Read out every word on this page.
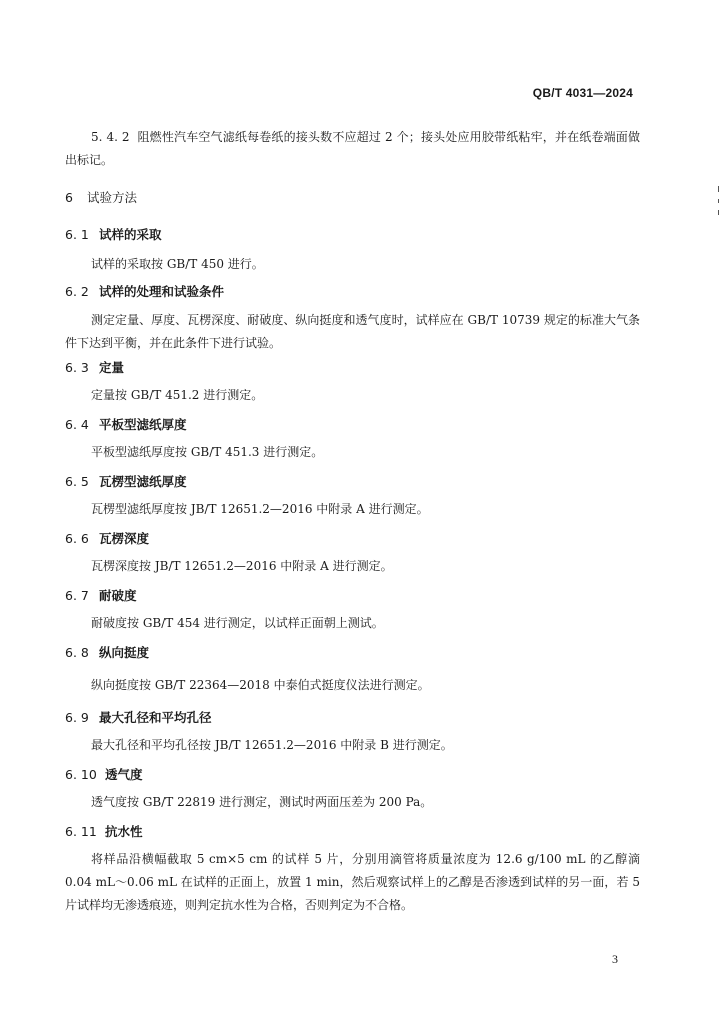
QB/T 4031—2024
5. 4. 2 阻燃性汽车空气滤纸每卷纸的接头数不应超过 2 个；接头处应用胶带纸粘牢，并在纸卷端面做出标记。
6 试验方法
6. 1 试样的采取
试样的采取按 GB/T 450 进行。
6. 2 试样的处理和试验条件
测定定量、厚度、瓦楞深度、耐破度、纵向挺度和透气度时，试样应在 GB/T 10739 规定的标准大气条件下达到平衡，并在此条件下进行试验。
6. 3 定量
定量按 GB/T 451.2 进行测定。
6. 4 平板型滤纸厚度
平板型滤纸厚度按 GB/T 451.3 进行测定。
6. 5 瓦楞型滤纸厚度
瓦楞型滤纸厚度按 JB/T 12651.2—2016 中附录 A 进行测定。
6. 6 瓦楞深度
瓦楞深度按 JB/T 12651.2—2016 中附录 A 进行测定。
6. 7 耐破度
耐破度按 GB/T 454 进行测定，以试样正面朝上测试。
6. 8 纵向挺度
纵向挺度按 GB/T 22364—2018 中泰伯式挺度仪法进行测定。
6. 9 最大孔径和平均孔径
最大孔径和平均孔径按 JB/T 12651.2—2016 中附录 B 进行测定。
6. 10 透气度
透气度按 GB/T 22819 进行测定，测试时两面压差为 200 Pa。
6. 11 抗水性
将样品沿横幅截取 5 cm×5 cm 的试样 5 片，分别用滴管将质量浓度为 12.6 g/100 mL 的乙醇滴 0.04 mL～0.06 mL 在试样的正面上，放置 1 min，然后观察试样上的乙醇是否渗透到试样的另一面，若 5 片试样均无渗透痕迹，则判定抗水性为合格，否则判定为不合格。
3
